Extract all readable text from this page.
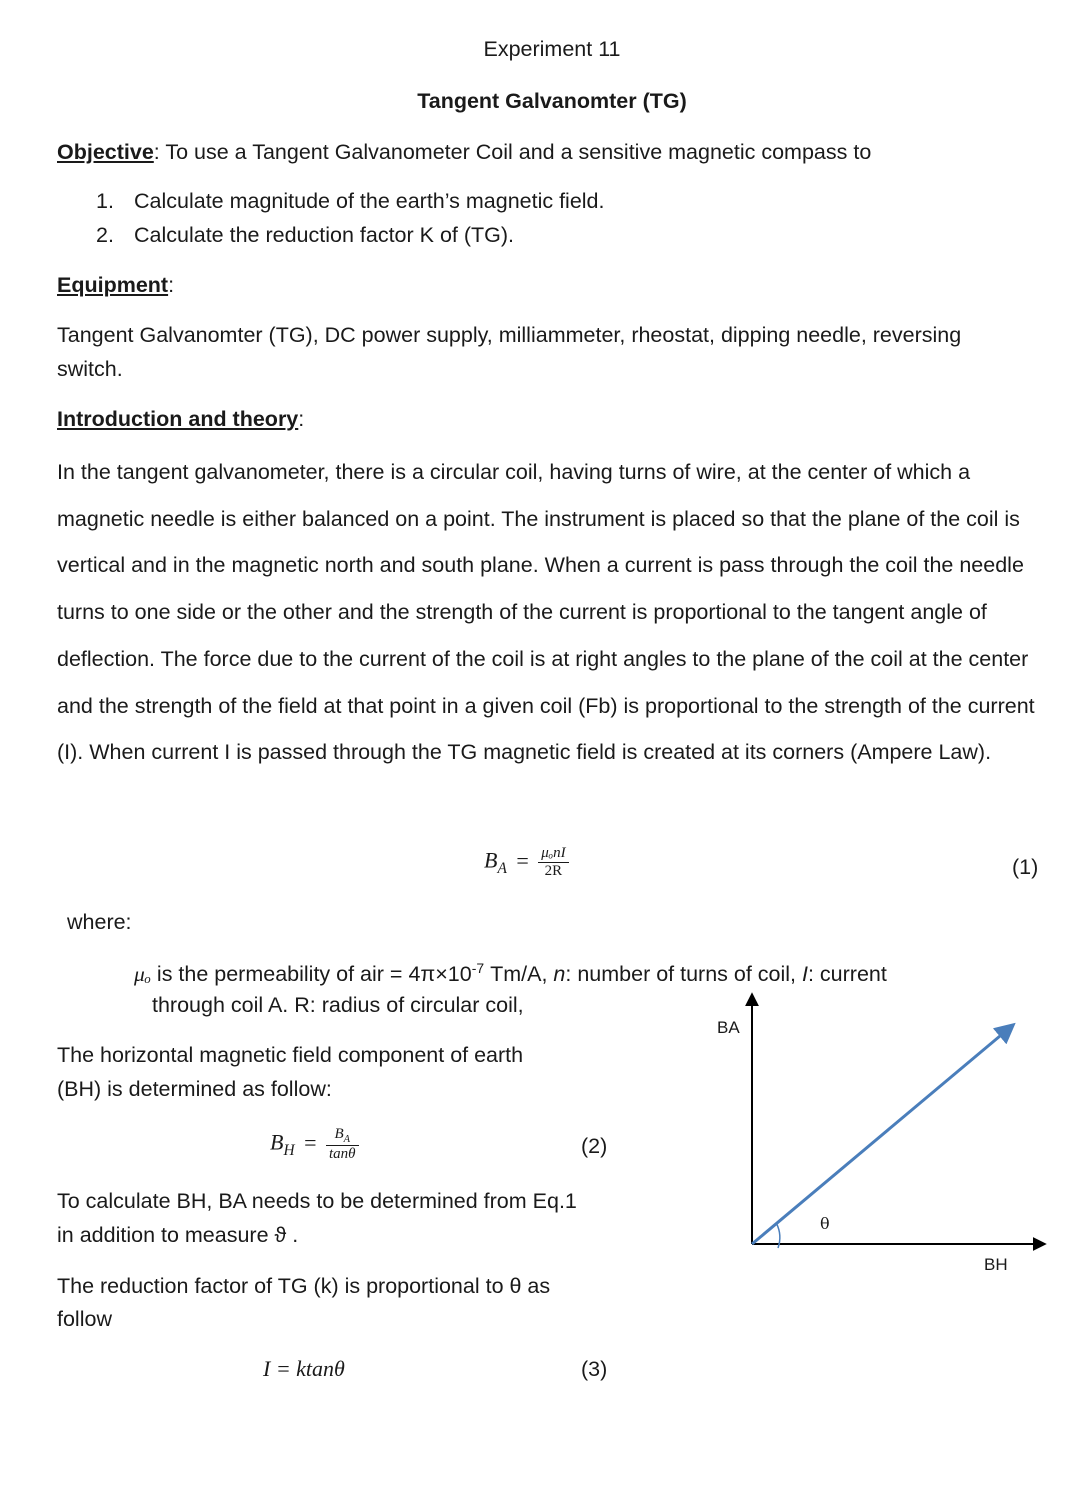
Experiment 11
Tangent Galvanomter (TG)
Objective: To use a Tangent Galvanometer Coil and a sensitive magnetic compass to
1. Calculate magnitude of the earth’s magnetic field.
2. Calculate the reduction factor K of (TG).
Equipment:
Tangent Galvanomter (TG), DC power supply, milliammeter, rheostat, dipping needle, reversing
switch.
Introduction and theory:
In the tangent galvanometer, there is a circular coil, having turns of wire, at the center of which a magnetic needle is either balanced on a point. The instrument is placed so that the plane of the coil is vertical and in the magnetic north and south plane. When a current is pass through the coil the needle turns to one side or the other and the strength of the current is proportional to the tangent angle of deflection. The force due to the current of the coil is at right angles to the plane of the coil at the center and the strength of the field at that point in a given coil (Fb) is proportional to the strength of the current (I). When current I is passed through the TG magnetic field is created at its corners (Ampere Law).
$B_A = \frac{\text{μₒnI}}{2R}$	(1)
where:
μₒ is the permeability of air = $4\pi\times 10^{-7}$ Tm/A, n: number of turns of coil, I: current
through coil A. R: radius of circular coil,
The horizontal magnetic field component of earth
(BH) is determined as follow:
$B_H = \frac{B_A}{\tan\theta}$	(2)
To calculate BH, BA needs to be determined from Eq.1
in addition to measure ϑ .
The reduction factor of TG (k) is proportional to θ as
follow
I = ktanθ	(3)
BA
BH
θ
